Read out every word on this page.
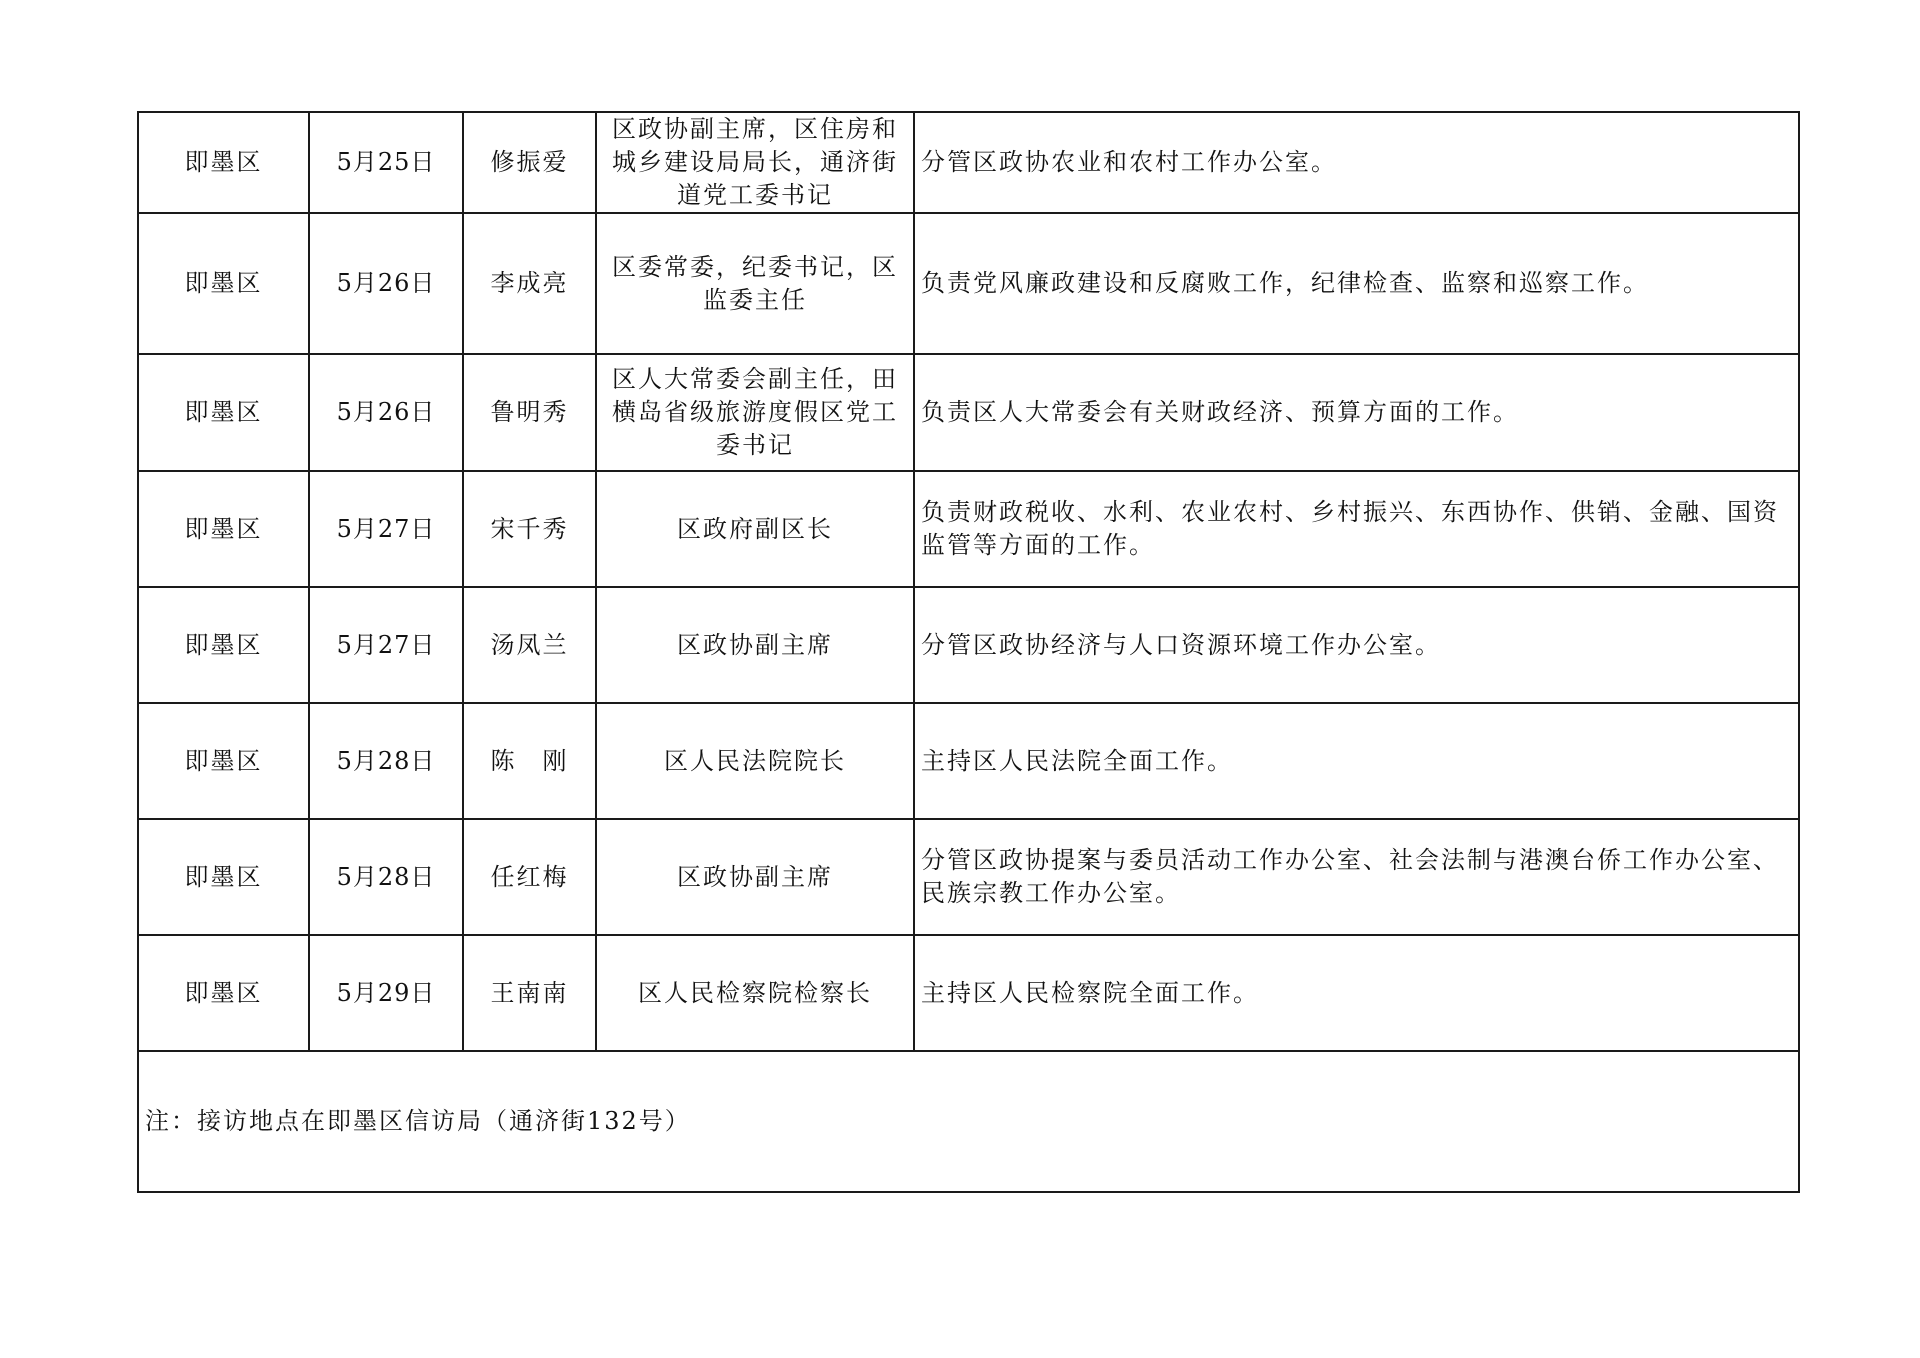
即墨区	5月25日	修振爱	区政协副主席，区住房和城乡建设局局长，通济街道党工委书记	分管区政协农业和农村工作办公室。
即墨区	5月26日	李成亮	区委常委，纪委书记，区监委主任	负责党风廉政建设和反腐败工作，纪律检查、监察和巡察工作。
即墨区	5月26日	鲁明秀	区人大常委会副主任，田横岛省级旅游度假区党工委书记	负责区人大常委会有关财政经济、预算方面的工作。
即墨区	5月27日	宋千秀	区政府副区长	负责财政税收、水利、农业农村、乡村振兴、东西协作、供销、金融、国资监管等方面的工作。
即墨区	5月27日	汤凤兰	区政协副主席	分管区政协经济与人口资源环境工作办公室。
即墨区	5月28日	陈　刚	区人民法院院长	主持区人民法院全面工作。
即墨区	5月28日	任红梅	区政协副主席	分管区政协提案与委员活动工作办公室、社会法制与港澳台侨工作办公室、民族宗教工作办公室。
即墨区	5月29日	王南南	区人民检察院检察长	主持区人民检察院全面工作。
注：接访地点在即墨区信访局（通济街132号）				
